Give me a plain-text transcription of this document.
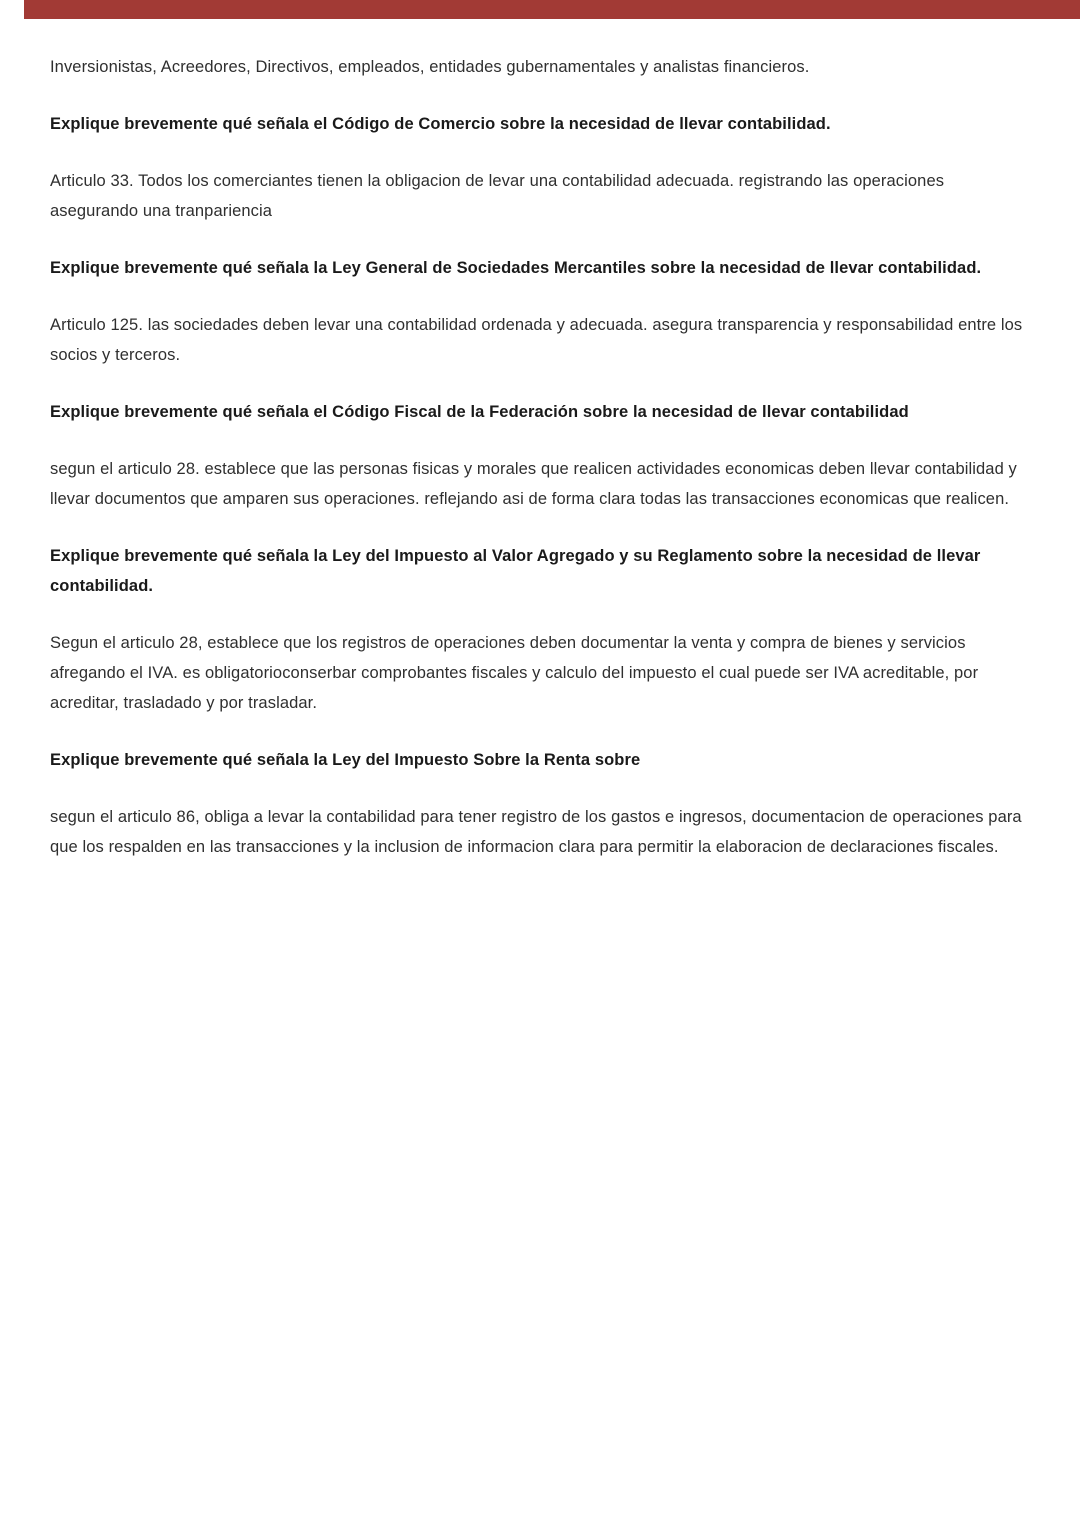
Inversionistas, Acreedores, Directivos, empleados, entidades gubernamentales y analistas financieros.

Explique brevemente qué señala el Código de Comercio sobre la necesidad de llevar contabilidad.

Articulo 33. Todos los comerciantes tienen la obligacion de levar una contabilidad adecuada. registrando las operaciones asegurando una tranpariencia

Explique brevemente qué señala la Ley General de Sociedades Mercantiles sobre la necesidad de llevar contabilidad.

Articulo 125. las sociedades deben levar una contabilidad ordenada y adecuada. asegura transparencia y responsabilidad entre los socios y terceros.

Explique brevemente qué señala el Código Fiscal de la Federación sobre la necesidad de llevar contabilidad

segun el articulo 28. establece que las personas fisicas y morales que realicen actividades economicas deben llevar contabilidad y llevar documentos que amparen sus operaciones. reflejando asi de forma clara todas las transacciones economicas que realicen.

Explique brevemente qué señala la Ley del Impuesto al Valor Agregado y su Reglamento sobre la necesidad de llevar contabilidad.

Segun el articulo 28, establece que los registros de operaciones deben documentar la venta y compra de bienes y servicios afregando el IVA. es obligatorioconserbar comprobantes fiscales y calculo del impuesto el cual puede ser IVA acreditable, por acreditar, trasladado y por trasladar.

Explique brevemente qué señala la Ley del Impuesto Sobre la Renta sobre

segun el articulo 86, obliga a levar la contabilidad para tener registro de los gastos e ingresos, documentacion de operaciones para que los respalden en las transacciones y la inclusion de informacion clara para permitir la elaboracion de declaraciones fiscales.
